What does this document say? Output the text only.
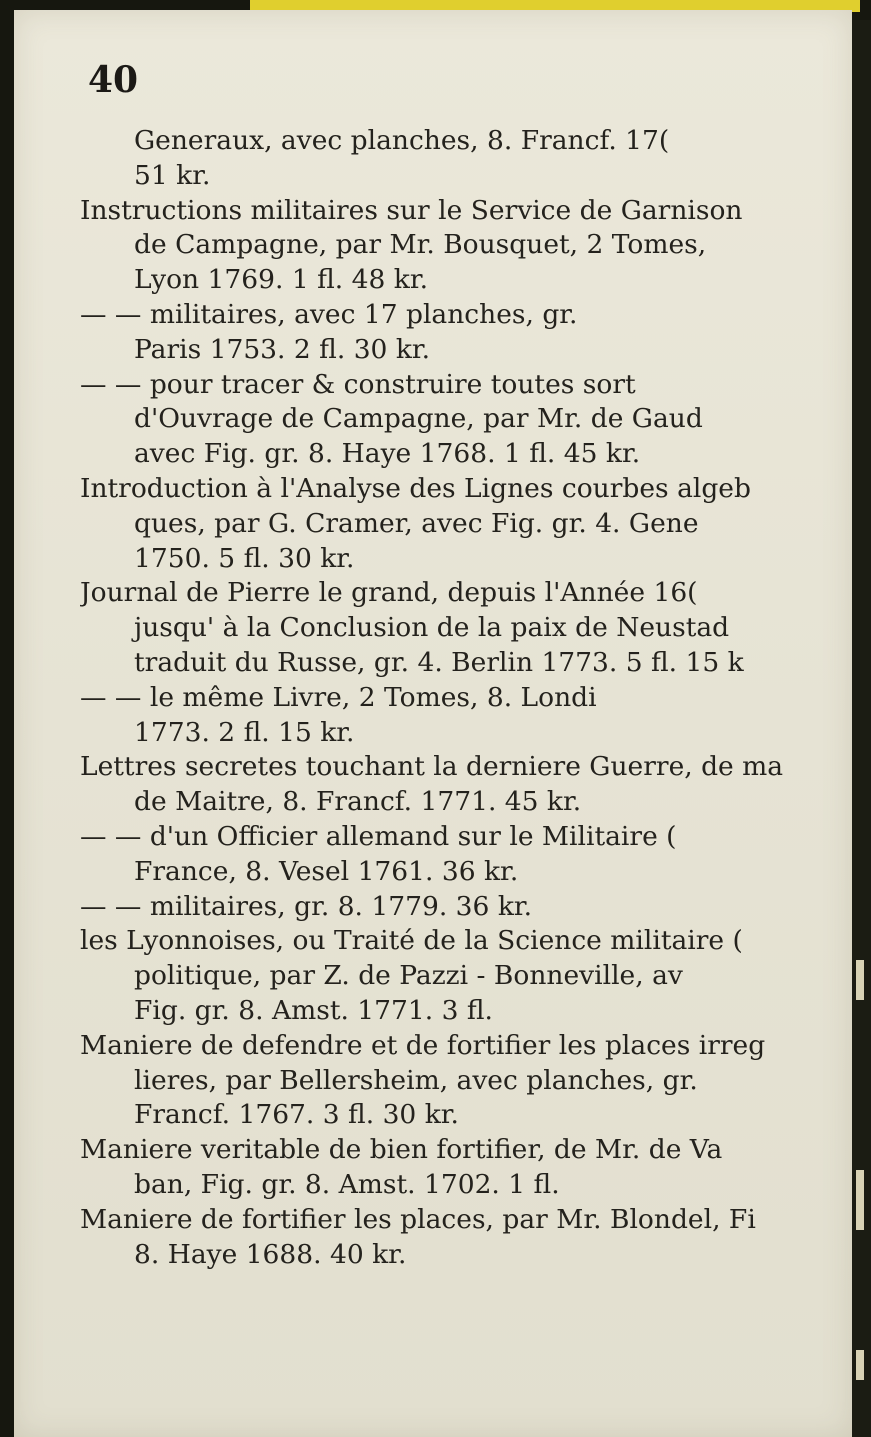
40
Generaux, avec planches, 8. Francf. 17(
51 kr.
Instructions militaires sur le Service de Garnison
de Campagne, par Mr. Bousquet, 2 Tomes,
Lyon 1769. 1 fl. 48 kr.
— — militaires, avec 17 planches, gr.
Paris 1753. 2 fl. 30 kr.
— — pour tracer & construire toutes sort
d'Ouvrage de Campagne, par Mr. de Gaud
avec Fig. gr. 8. Haye 1768. 1 fl. 45 kr.
Introduction à l'Analyse des Lignes courbes algeb
ques, par G. Cramer, avec Fig. gr. 4. Gene
1750. 5 fl. 30 kr.
Journal de Pierre le grand, depuis l'Année 16(
jusqu' à la Conclusion de la paix de Neustad
traduit du Russe, gr. 4. Berlin 1773. 5 fl. 15 k
— — le même Livre, 2 Tomes, 8. Londi
1773. 2 fl. 15 kr.
Lettres secretes touchant la derniere Guerre, de ma
de Maitre, 8. Francf. 1771. 45 kr.
— — d'un Officier allemand sur le Militaire (
France, 8. Vesel 1761. 36 kr.
— — militaires, gr. 8. 1779. 36 kr.
les Lyonnoises, ou Traité de la Science militaire (
politique, par Z. de Pazzi - Bonneville, av
Fig. gr. 8. Amst. 1771. 3 fl.
Maniere de defendre et de fortifier les places irreg
lieres, par Bellersheim, avec planches, gr.
Francf. 1767. 3 fl. 30 kr.
Maniere veritable de bien fortifier, de Mr. de Va
ban, Fig. gr. 8. Amst. 1702. 1 fl.
Maniere de fortifier les places, par Mr. Blondel, Fi
8. Haye 1688. 40 kr.
